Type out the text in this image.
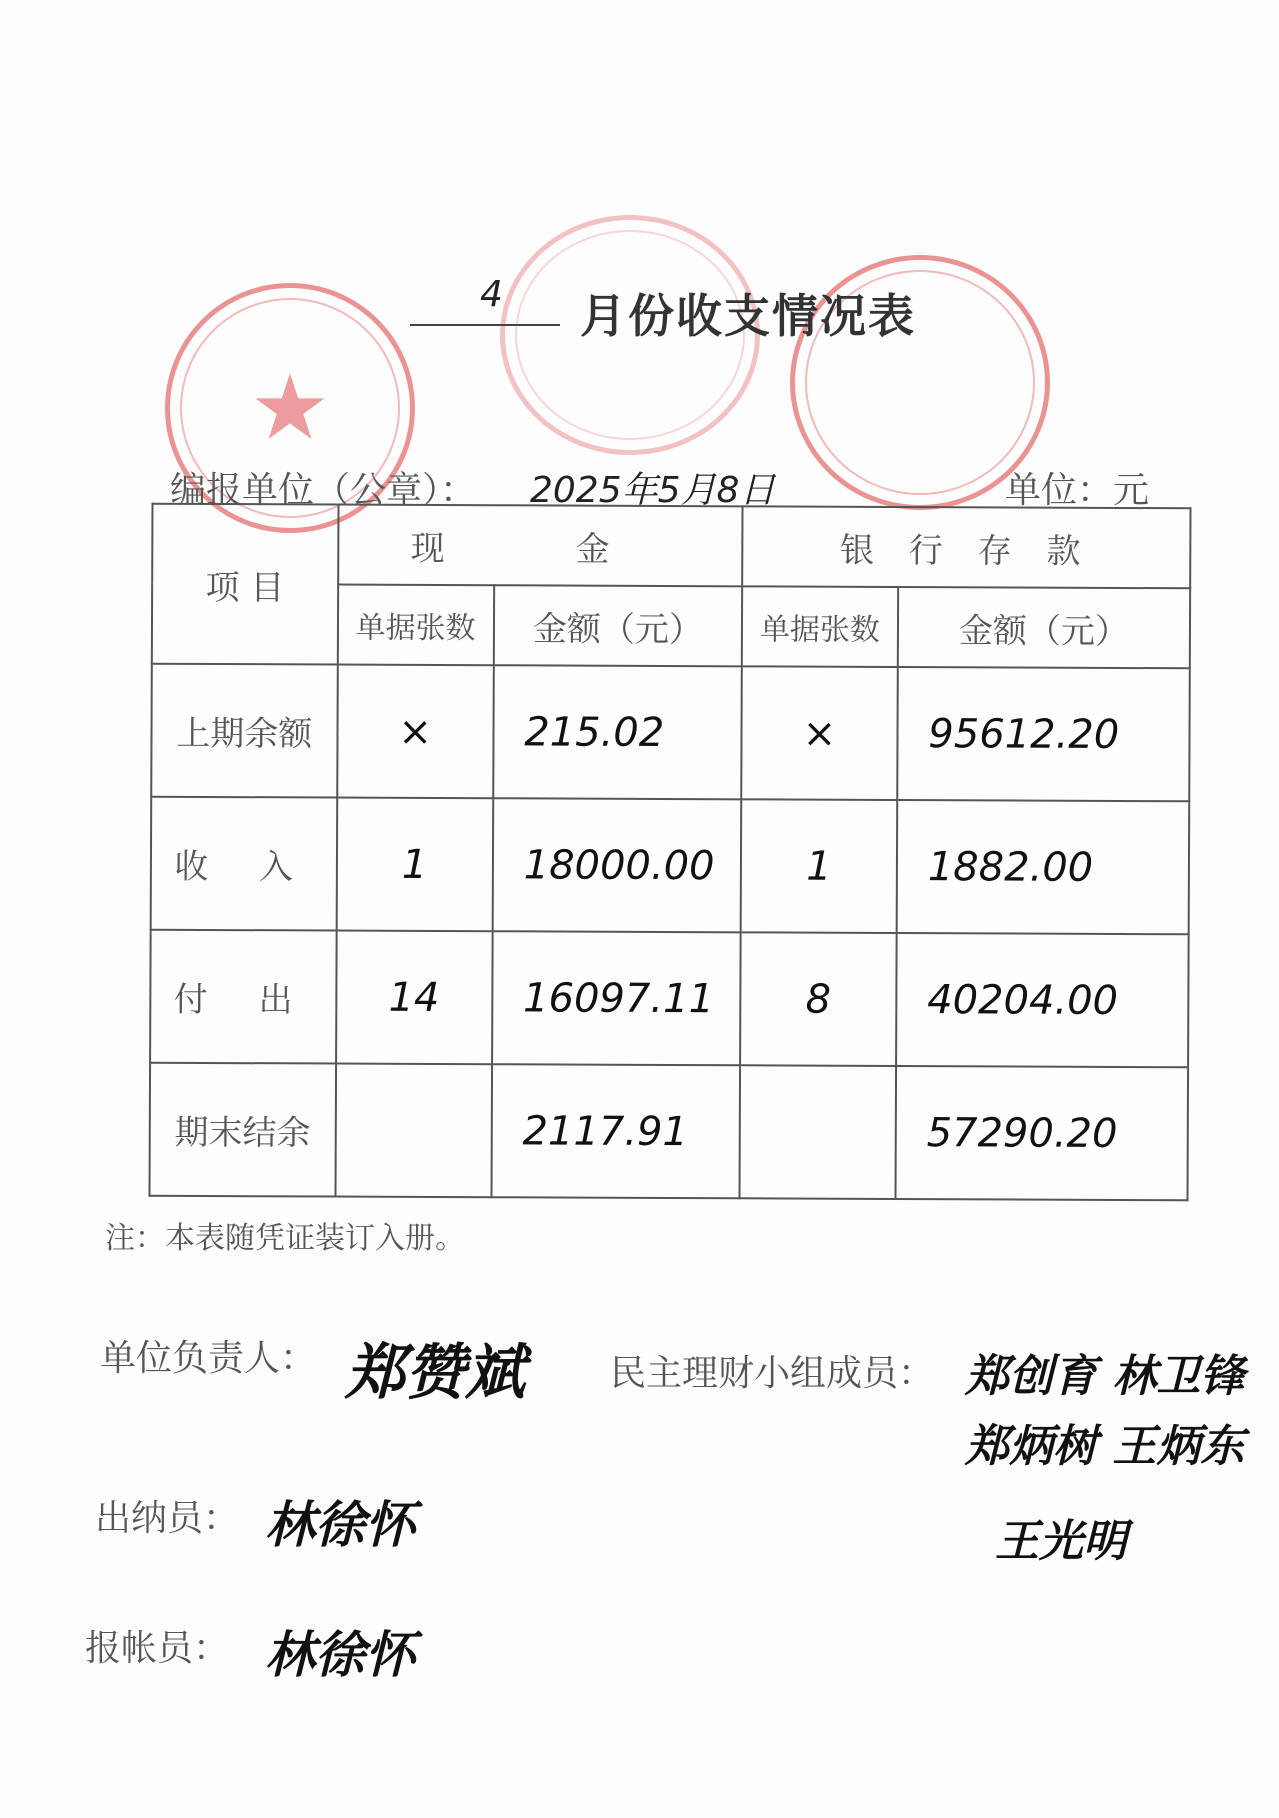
★
4 月份收支情况表
编报单位（公章）： 2025年5月8日	单位：元
项 目	现 金		银 行 存 款	
	单据张数	金额（元）	单据张数	金额（元）
上期余额	×	215.02	×	95612.20
收 入	1	18000.00	1	1882.00
付 出	14	16097.11	8	40204.00
期末结余		2117.91		57290.20
注：本表随凭证装订入册。
单位负责人： 郑赞斌 民主理财小组成员： 郑创育 林卫锋
郑炳树 王炳东
王光明
出纳员： 林徐怀
报帐员： 林徐怀
